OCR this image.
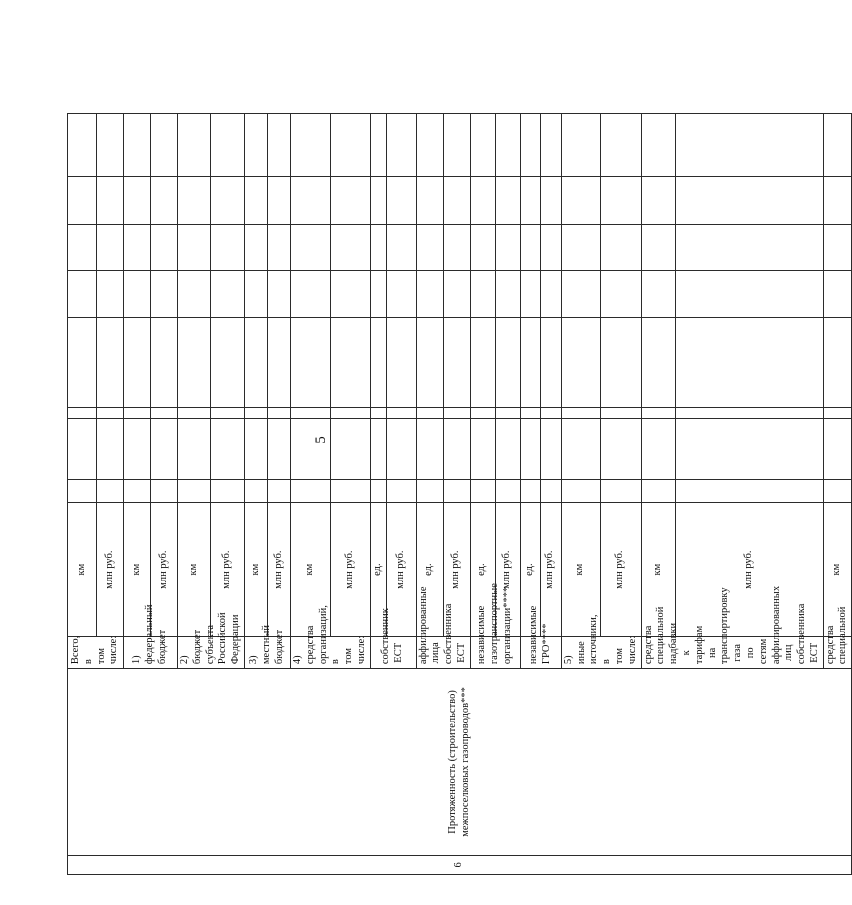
5
6	Протяженность (строительство) межпоселковых газопроводов***	Всего, в том числе:	км								
			млн руб.								
		1) федеральный бюджет	км								
			млн руб.								
		2) бюджет субъекта Российской Федерации	км								
			млн руб.								
		3) местный бюджет	км								
			млн руб.								
		4) средства организаций, в том числе:	км								
			млн руб.								
		собственник ЕСТ	ед.								
			млн руб.								
		аффилированные лица собственника ЕСТ	ед.								
			млн руб.								
		независимые газотранспортные организации****	ед.								
			млн руб.								
		независимые ГРО****	ед.								
			млн руб.								
		5) иные источники, в том числе:	км								
			млн руб.								
		средства специальной надбавки к тарифам на транспортировку газа по сетям аффилированных лиц собственника ЕСТ	км								
			млн руб.								
		средства специальной	км								
